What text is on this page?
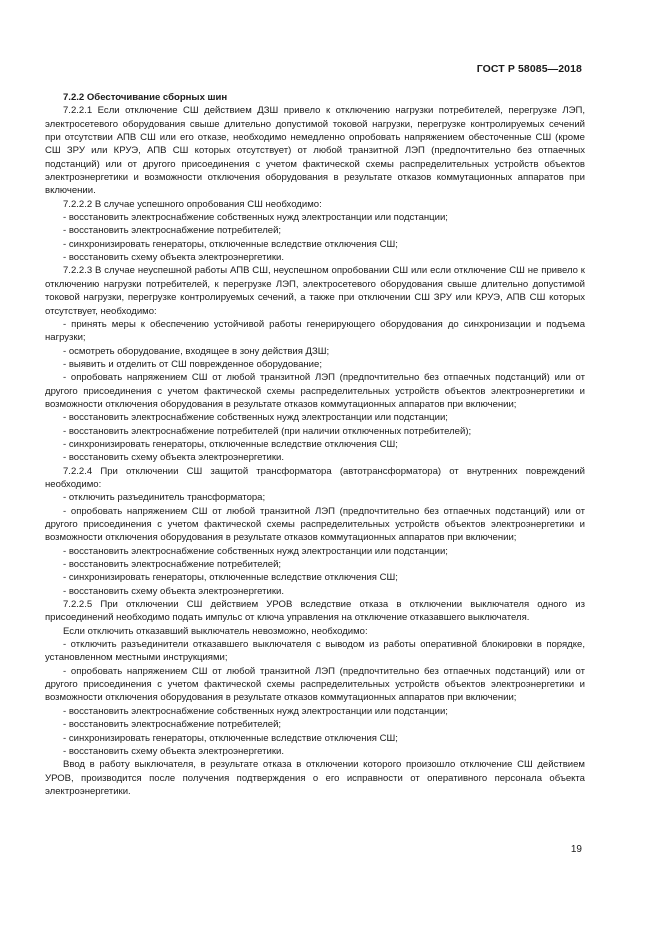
ГОСТ Р 58085—2018

7.2.2 Обесточивание сборных шин

7.2.2.1 Если отключение СШ действием ДЗШ привело к отключению нагрузки потребителей, перегрузке ЛЭП, электросетевого оборудования свыше длительно допустимой токовой нагрузки, перегрузке контролируемых сечений при отсутствии АПВ СШ или его отказе, необходимо немедленно опробовать напряжением обесточенные СШ (кроме СШ ЗРУ или КРУЭ, АПВ СШ которых отсутствует) от любой транзитной ЛЭП (предпочтительно без отпаечных подстанций) или от другого присоединения с учетом фактической схемы распределительных устройств объектов электроэнергетики и возможности отключения оборудования в результате отказов коммутационных аппаратов при включении.

7.2.2.2 В случае успешного опробования СШ необходимо:

- восстановить электроснабжение собственных нужд электростанции или подстанции;

- восстановить электроснабжение потребителей;

- синхронизировать генераторы, отключенные вследствие отключения СШ;

- восстановить схему объекта электроэнергетики.

7.2.2.3 В случае неуспешной работы АПВ СШ, неуспешном опробовании СШ или если отключение СШ не привело к отключению нагрузки потребителей, к перегрузке ЛЭП, электросетевого оборудования свыше длительно допустимой токовой нагрузки, перегрузке контролируемых сечений, а также при отключении СШ ЗРУ или КРУЭ, АПВ СШ которых отсутствует, необходимо:

- принять меры к обеспечению устойчивой работы генерирующего оборудования до синхронизации и подъема нагрузки;

- осмотреть оборудование, входящее в зону действия ДЗШ;

- выявить и отделить от СШ поврежденное оборудование;

- опробовать напряжением СШ от любой транзитной ЛЭП (предпочтительно без отпаечных подстанций) или от другого присоединения с учетом фактической схемы распределительных устройств объектов электроэнергетики и возможности отключения оборудования в результате отказов коммутационных аппаратов при включении;

- восстановить электроснабжение собственных нужд электростанции или подстанции;

- восстановить электроснабжение потребителей (при наличии отключенных потребителей);

- синхронизировать генераторы, отключенные вследствие отключения СШ;

- восстановить схему объекта электроэнергетики.

7.2.2.4 При отключении СШ защитой трансформатора (автотрансформатора) от внутренних повреждений необходимо:

- отключить разъединитель трансформатора;

- опробовать напряжением СШ от любой транзитной ЛЭП (предпочтительно без отпаечных подстанций) или от другого присоединения с учетом фактической схемы распределительных устройств объектов электроэнергетики и возможности отключения оборудования в результате отказов коммутационных аппаратов при включении;

- восстановить электроснабжение собственных нужд электростанции или подстанции;

- восстановить электроснабжение потребителей;

- синхронизировать генераторы, отключенные вследствие отключения СШ;

- восстановить схему объекта электроэнергетики.

7.2.2.5 При отключении СШ действием УРОВ вследствие отказа в отключении выключателя одного из присоединений необходимо подать импульс от ключа управления на отключение отказавшего выключателя.

Если отключить отказавший выключатель невозможно, необходимо:

- отключить разъединители отказавшего выключателя с выводом из работы оперативной блокировки в порядке, установленном местными инструкциями;

- опробовать напряжением СШ от любой транзитной ЛЭП (предпочтительно без отпаечных подстанций) или от другого присоединения с учетом фактической схемы распределительных устройств объектов электроэнергетики и возможности отключения оборудования в результате отказов коммутационных аппаратов при включении;

- восстановить электроснабжение собственных нужд электростанции или подстанции;

- восстановить электроснабжение потребителей;

- синхронизировать генераторы, отключенные вследствие отключения СШ;

- восстановить схему объекта электроэнергетики.

Ввод в работу выключателя, в результате отказа в отключении которого произошло отключение СШ действием УРОВ, производится после получения подтверждения о его исправности от оперативного персонала объекта электроэнергетики.

19
